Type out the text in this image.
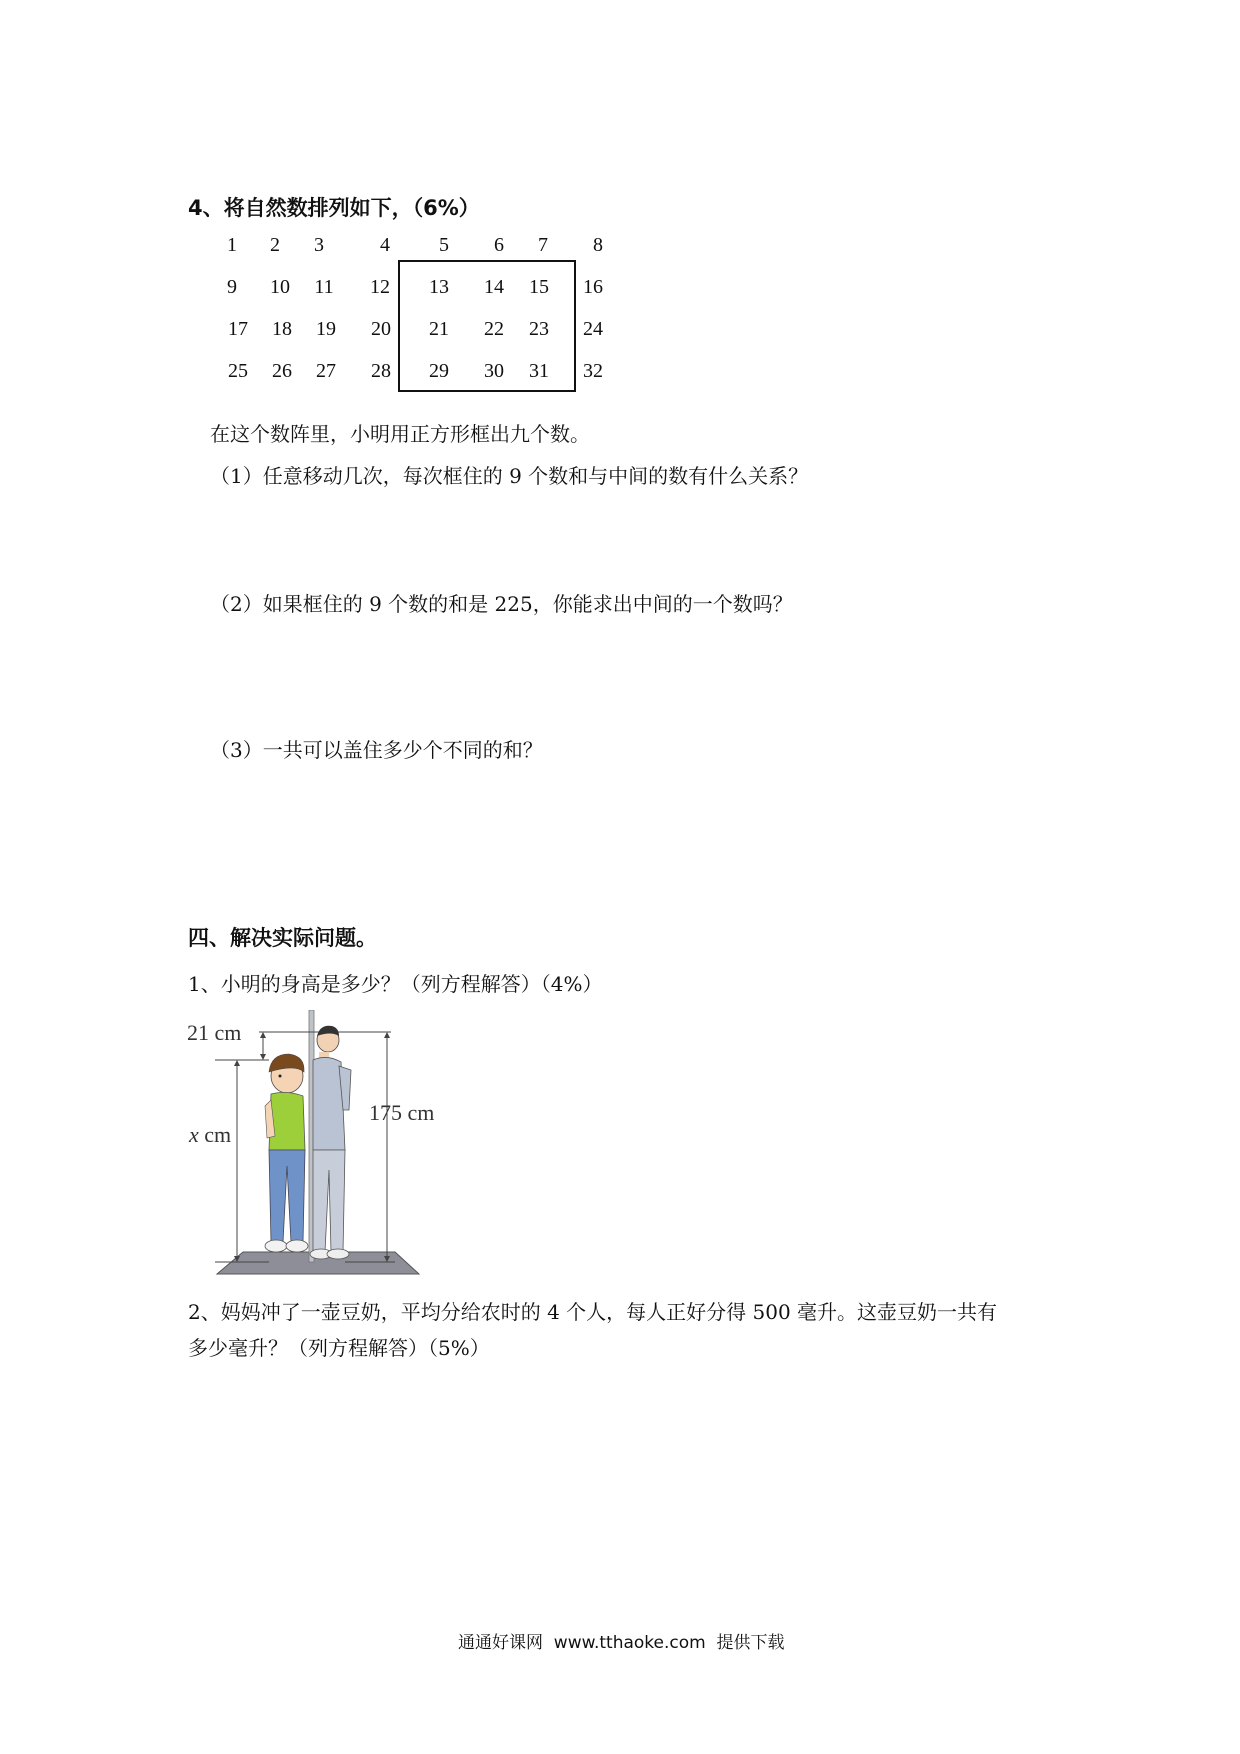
4、将自然数排列如下，（6%）
1	2	3	4	5	6	7	8
9	10	11	12	13	14	15	16
17	18	19	20	21	22	23	24
25	26	27	28	29	30	31	32
在这个数阵里，小明用正方形框出九个数。
（1）任意移动几次，每次框住的 9 个数和与中间的数有什么关系？
（2）如果框住的 9 个数的和是 225，你能求出中间的一个数吗？
（3）一共可以盖住多少个不同的和？
四、解决实际问题。
1、小明的身高是多少？（列方程解答）（4%）
21 cm
x cm
175 cm
2、妈妈冲了一壶豆奶，平均分给农时的 4 个人，每人正好分得 500 毫升。这壶豆奶一共有
多少毫升？（列方程解答）（5%）
通通好课网  www.tthaoke.com  提供下载
